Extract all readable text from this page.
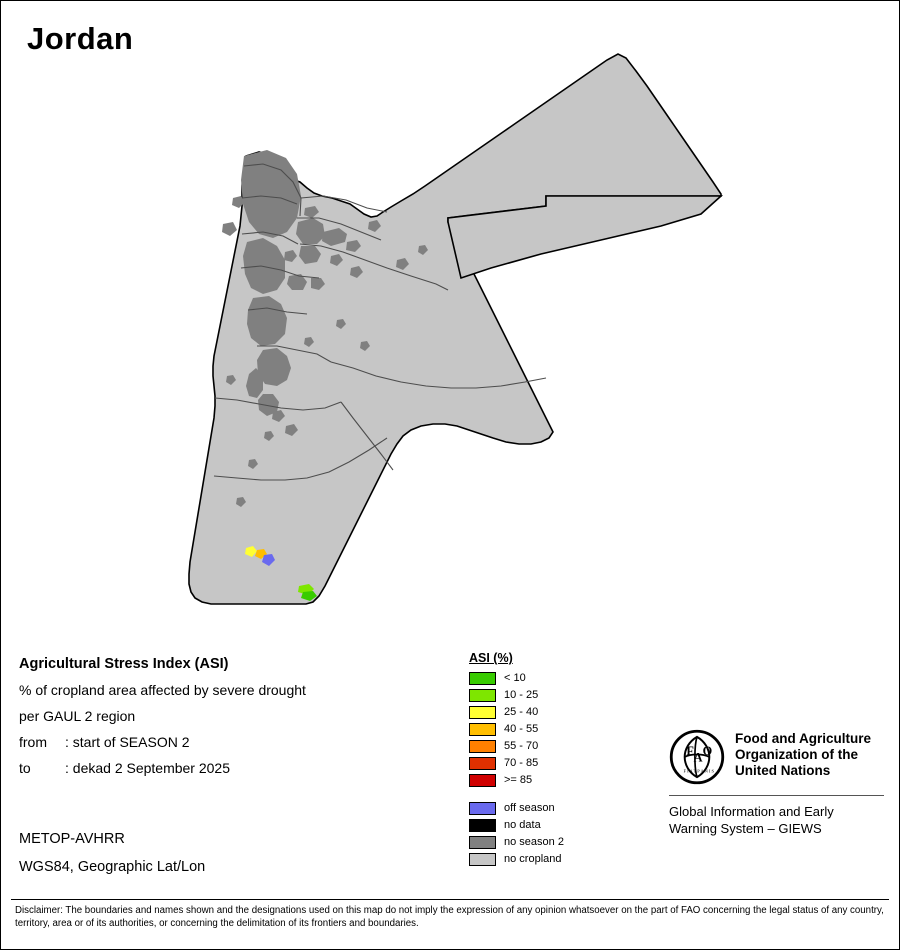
Jordan
Agricultural Stress Index (ASI)
% of cropland area affected by severe drought
per GAUL 2 region
from : start of SEASON 2
to : dekad 2 September 2025
METOP-AVHRR
WGS84, Geographic Lat/Lon
ASI (%)
< 10
10 - 25
25 - 40
40 - 55
55 - 70
70 - 85
>= 85
off season
no data
no season 2
no cropland
F A O
F I A T P A N I S
Food and Agriculture
Organization of the
United Nations
Global Information and Early
Warning System – GIEWS
Disclaimer: The boundaries and names shown and the designations used on this map do not imply the expression of any opinion whatsoever on the part of FAO concerning the legal status of any country, territory, area or of its authorities, or concerning the delimitation of its frontiers and boundaries.
